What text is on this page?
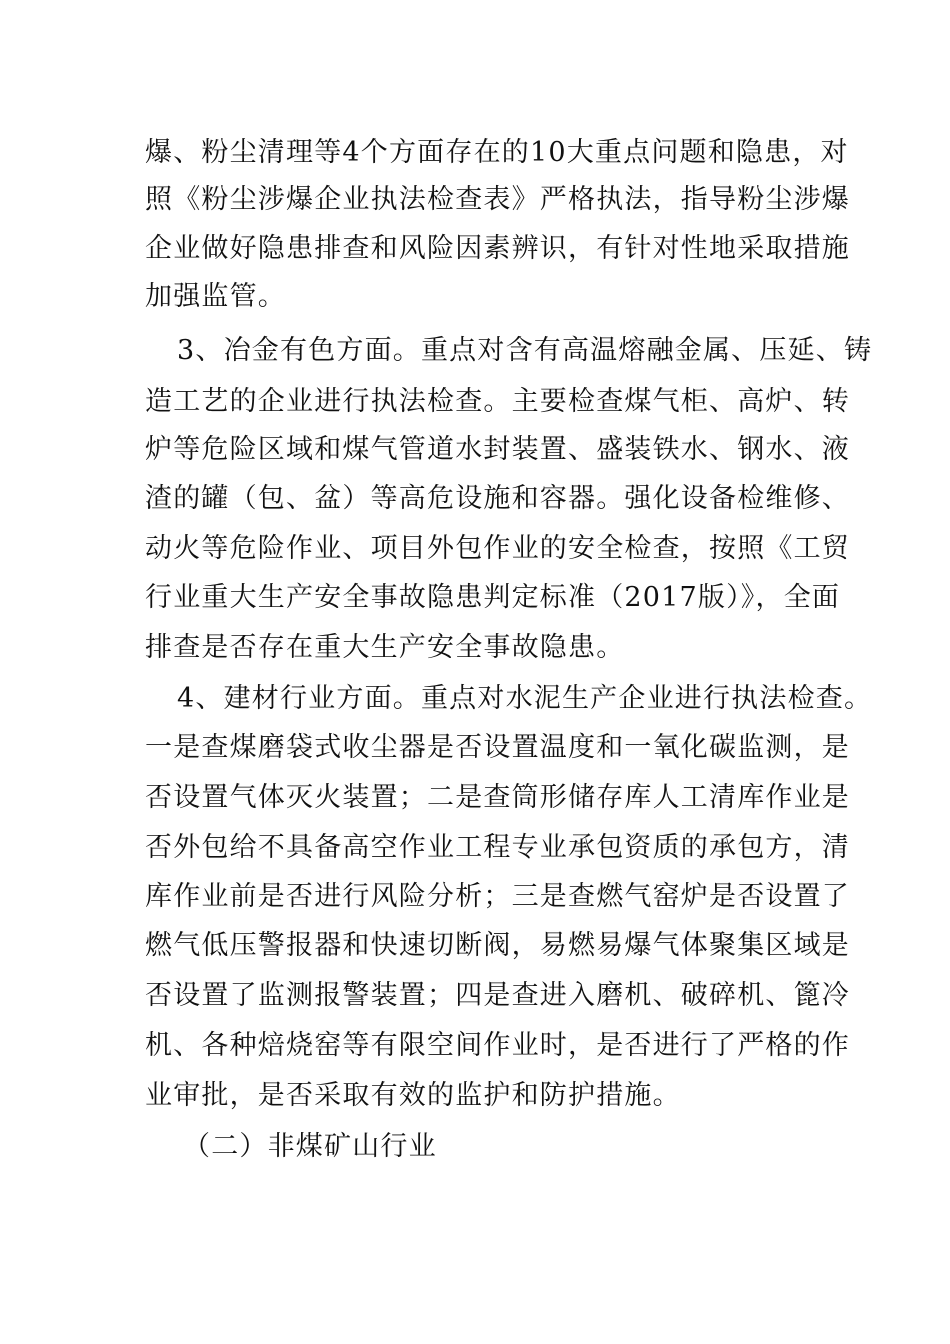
爆、粉尘清理等4个方面存在的10大重点问题和隐患，对
照《粉尘涉爆企业执法检查表》严格执法，指导粉尘涉爆
企业做好隐患排查和风险因素辨识，有针对性地采取措施
加强监管。
3、冶金有色方面。重点对含有高温熔融金属、压延、铸
造工艺的企业进行执法检查。主要检查煤气柜、高炉、转
炉等危险区域和煤气管道水封装置、盛装铁水、钢水、液
渣的罐（包、盆）等高危设施和容器。强化设备检维修、
动火等危险作业、项目外包作业的安全检查，按照《工贸
行业重大生产安全事故隐患判定标准（2017版）》，全面
排查是否存在重大生产安全事故隐患。
4、建材行业方面。重点对水泥生产企业进行执法检查。
一是查煤磨袋式收尘器是否设置温度和一氧化碳监测，是
否设置气体灭火装置；二是查筒形储存库人工清库作业是
否外包给不具备高空作业工程专业承包资质的承包方，清
库作业前是否进行风险分析；三是查燃气窑炉是否设置了
燃气低压警报器和快速切断阀，易燃易爆气体聚集区域是
否设置了监测报警装置；四是查进入磨机、破碎机、篦冷
机、各种焙烧窑等有限空间作业时，是否进行了严格的作
业审批，是否采取有效的监护和防护措施。
（二）非煤矿山行业
